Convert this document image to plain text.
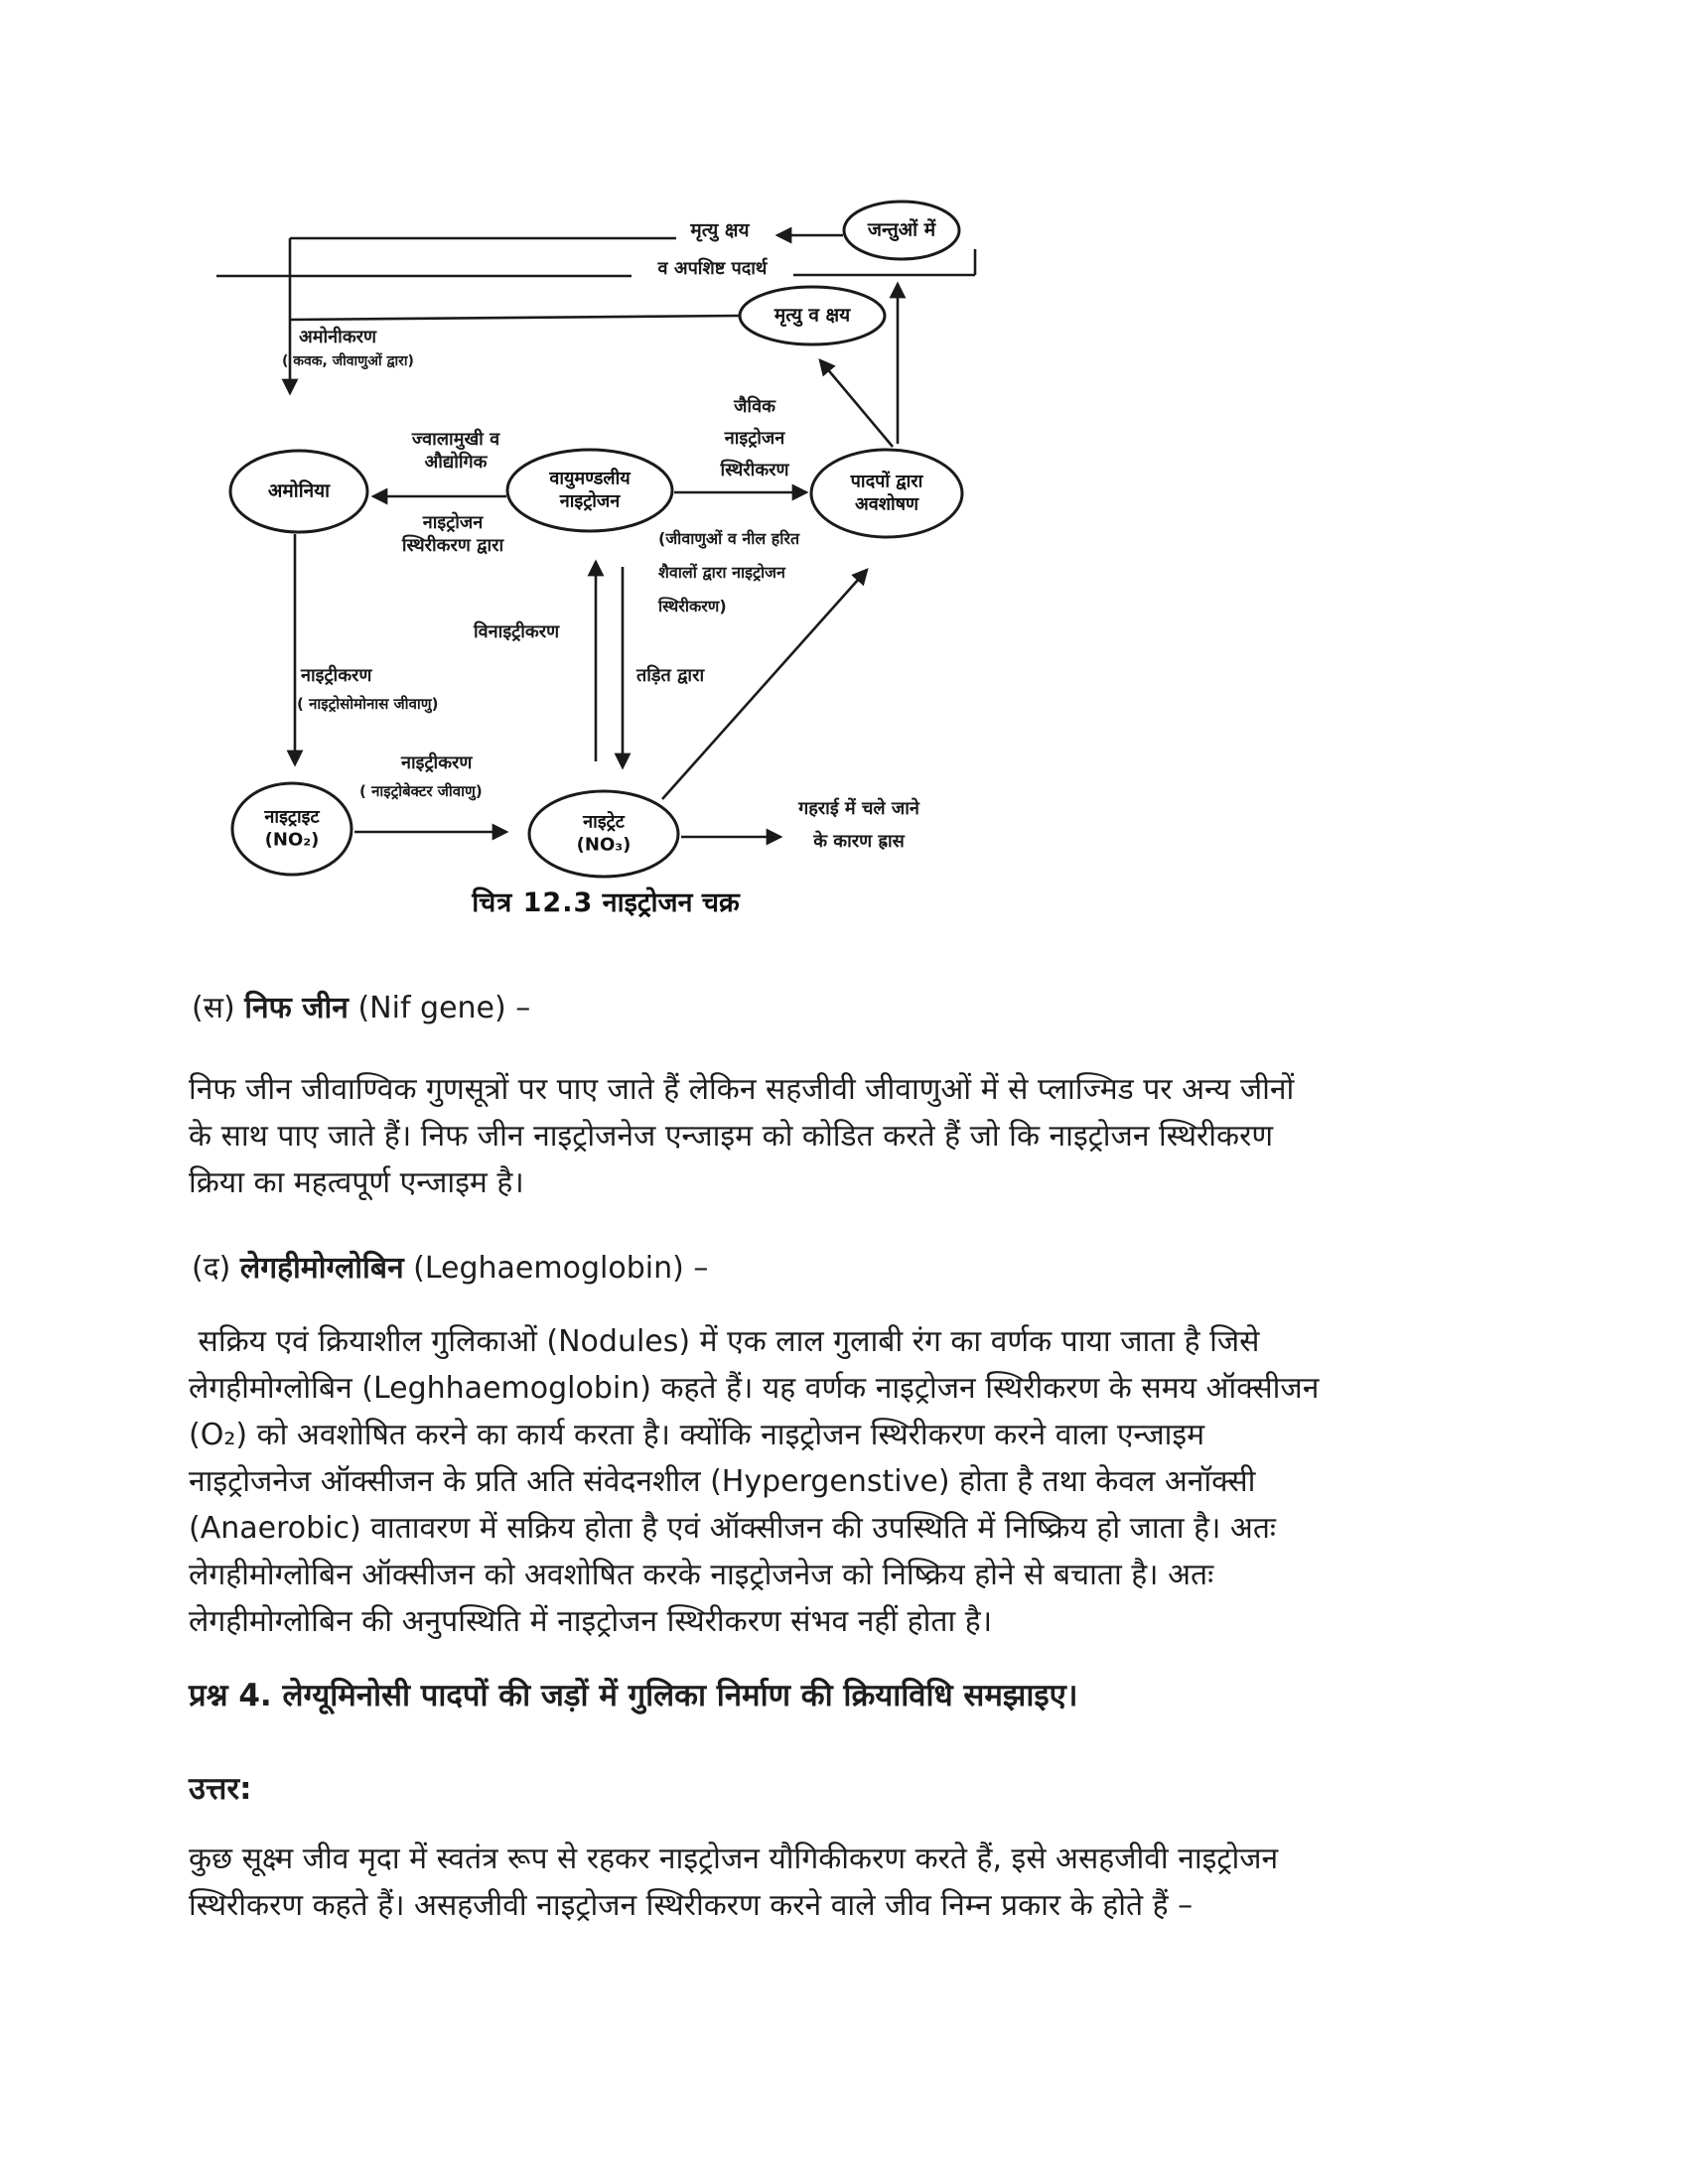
जन्तुओं में
मृत्यु व क्षय
अमोनिया
वायुमण्डलीय
नाइट्रोजन
पादपों द्वारा
अवशोषण
नाइट्राइट
(NO₂)
नाइट्रेट
(NO₃)
मृत्यु क्षय
व अपशिष्ट पदार्थ
अमोनीकरण
( कवक, जीवाणुओं द्वारा)
ज्वालामुखी व
औद्योगिक
नाइट्रोजन
स्थिरीकरण द्वारा
जैविक
नाइट्रोजन
स्थिरीकरण
(जीवाणुओं व नील हरित
शैवालों द्वारा नाइट्रोजन
स्थिरीकरण)
विनाइट्रीकरण
तड़ित द्वारा
नाइट्रीकरण
( नाइट्रोसोमोनास जीवाणु)
नाइट्रीकरण
( नाइट्रोबेक्टर जीवाणु)
गहराई में चले जाने
के कारण ह्रास
चित्र 12.3 नाइट्रोजन चक्र
(स) निफ जीन (Nif gene) –
निफ जीन जीवाण्विक गुणसूत्रों पर पाए जाते हैं लेकिन सहजीवी जीवाणुओं में से प्लाज्मिड पर अन्य जीनों
के साथ पाए जाते हैं। निफ जीन नाइट्रोजनेज एन्जाइम को कोडित करते हैं जो कि नाइट्रोजन स्थिरीकरण
क्रिया का महत्वपूर्ण एन्जाइम है।
(द) लेगहीमोग्लोबिन (Leghaemoglobin) –
सक्रिय एवं क्रियाशील गुलिकाओं (Nodules) में एक लाल गुलाबी रंग का वर्णक पाया जाता है जिसे
लेगहीमोग्लोबिन (Leghhaemoglobin) कहते हैं। यह वर्णक नाइट्रोजन स्थिरीकरण के समय ऑक्सीजन
(O₂) को अवशोषित करने का कार्य करता है। क्योंकि नाइट्रोजन स्थिरीकरण करने वाला एन्जाइम
नाइट्रोजनेज ऑक्सीजन के प्रति अति संवेदनशील (Hypergenstive) होता है तथा केवल अनॉक्सी
(Anaerobic) वातावरण में सक्रिय होता है एवं ऑक्सीजन की उपस्थिति में निष्क्रिय हो जाता है। अतः
लेगहीमोग्लोबिन ऑक्सीजन को अवशोषित करके नाइट्रोजनेज को निष्क्रिय होने से बचाता है। अतः
लेगहीमोग्लोबिन की अनुपस्थिति में नाइट्रोजन स्थिरीकरण संभव नहीं होता है।
प्रश्न 4. लेग्यूमिनोसी पादपों की जड़ों में गुलिका निर्माण की क्रियाविधि समझाइए।
उत्तर:
कुछ सूक्ष्म जीव मृदा में स्वतंत्र रूप से रहकर नाइट्रोजन यौगिकीकरण करते हैं, इसे असहजीवी नाइट्रोजन
स्थिरीकरण कहते हैं। असहजीवी नाइट्रोजन स्थिरीकरण करने वाले जीव निम्न प्रकार के होते हैं –
